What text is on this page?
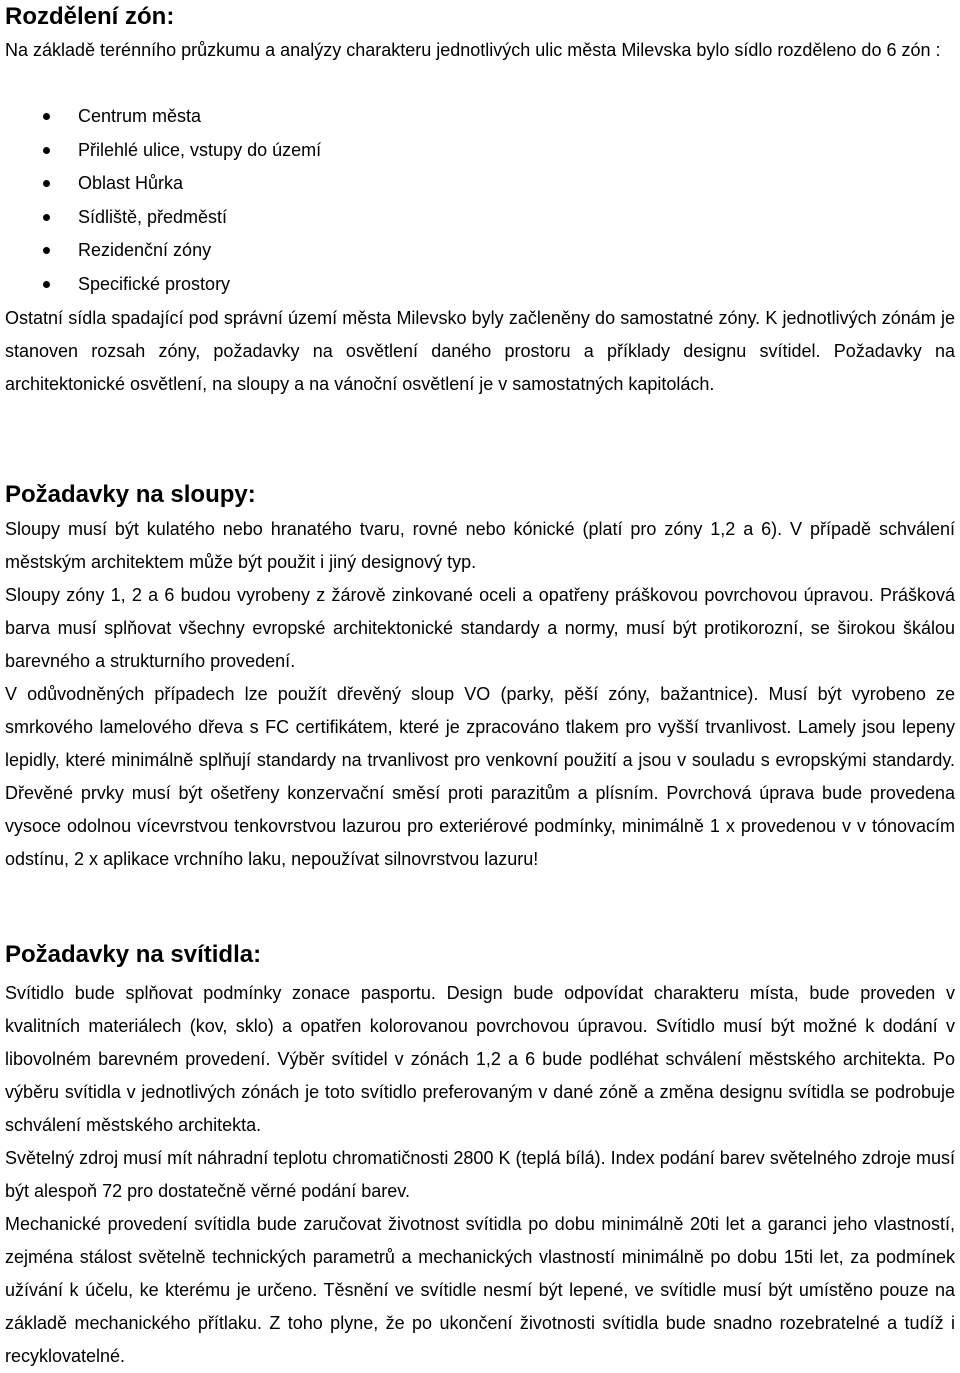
Rozdělení zón:

Na základě terénního průzkumu a analýzy charakteru jednotlivých ulic města Milevska bylo sídlo rozděleno do 6 zón :

Centrum města
Přilehlé ulice, vstupy do území
Oblast Hůrka
Sídliště, předměstí
Rezidenční zóny
Specifické prostory

Ostatní sídla spadající pod správní území města Milevsko byly začleněny do samostatné zóny. K jednotlivých zónám je stanoven rozsah zóny, požadavky na osvětlení daného prostoru a příklady designu svítidel. Požadavky na architektonické osvětlení, na sloupy a na vánoční osvětlení je v samostatných kapitolách.

Požadavky na sloupy:

Sloupy musí být kulatého nebo hranatého tvaru, rovné nebo kónické (platí pro zóny 1,2 a 6). V případě schválení městským architektem může být použit i jiný designový typ.

Sloupy zóny 1, 2 a 6 budou vyrobeny z žárově zinkované oceli a opatřeny práškovou povrchovou úpravou. Prášková barva musí splňovat všechny evropské architektonické standardy a normy, musí být protikorozní, se širokou škálou barevného a strukturního provedení.

V odůvodněných případech lze použít dřevěný sloup VO (parky, pěší zóny, bažantnice). Musí být vyrobeno ze smrkového lamelového dřeva s FC certifikátem, které je zpracováno tlakem pro vyšší trvanlivost. Lamely jsou lepeny lepidly, které minimálně splňují standardy na trvanlivost pro venkovní použití a jsou v souladu s evropskými standardy. Dřevěné prvky musí být ošetřeny konzervační směsí proti parazitům a plísním. Povrchová úprava bude provedena vysoce odolnou vícevrstvou tenkovrstvou lazurou pro exteriérové podmínky, minimálně 1 x provedenou v v tónovacím odstínu, 2 x aplikace vrchního laku, nepoužívat silnovrstvou lazuru!

Požadavky na svítidla:

Svítidlo bude splňovat podmínky zonace pasportu. Design bude odpovídat charakteru místa, bude proveden v kvalitních materiálech (kov, sklo) a opatřen kolorovanou povrchovou úpravou. Svítidlo musí být možné k dodání v libovolném barevném provedení. Výběr svítidel v zónách 1,2 a 6 bude podléhat schválení městského architekta. Po výběru svítidla v jednotlivých zónách je toto svítidlo preferovaným v dané zóně a změna designu svítidla se podrobuje schválení městského architekta.

Světelný zdroj musí mít náhradní teplotu chromatičnosti 2800 K (teplá bílá). Index podání barev světelného zdroje musí být alespoň 72 pro dostatečně věrné podání barev.

Mechanické provedení svítidla bude zaručovat životnost svítidla po dobu minimálně 20ti let a garanci jeho vlastností, zejména stálost světelně technických parametrů a mechanických vlastností minimálně po dobu 15ti let, za podmínek užívání k účelu, ke kterému je určeno. Těsnění ve svítidle nesmí být lepené, ve svítidle musí být umístěno pouze na základě mechanického přítlaku. Z toho plyne, že po ukončení životnosti svítidla bude snadno rozebratelné a tudíž i recyklovatelné.
